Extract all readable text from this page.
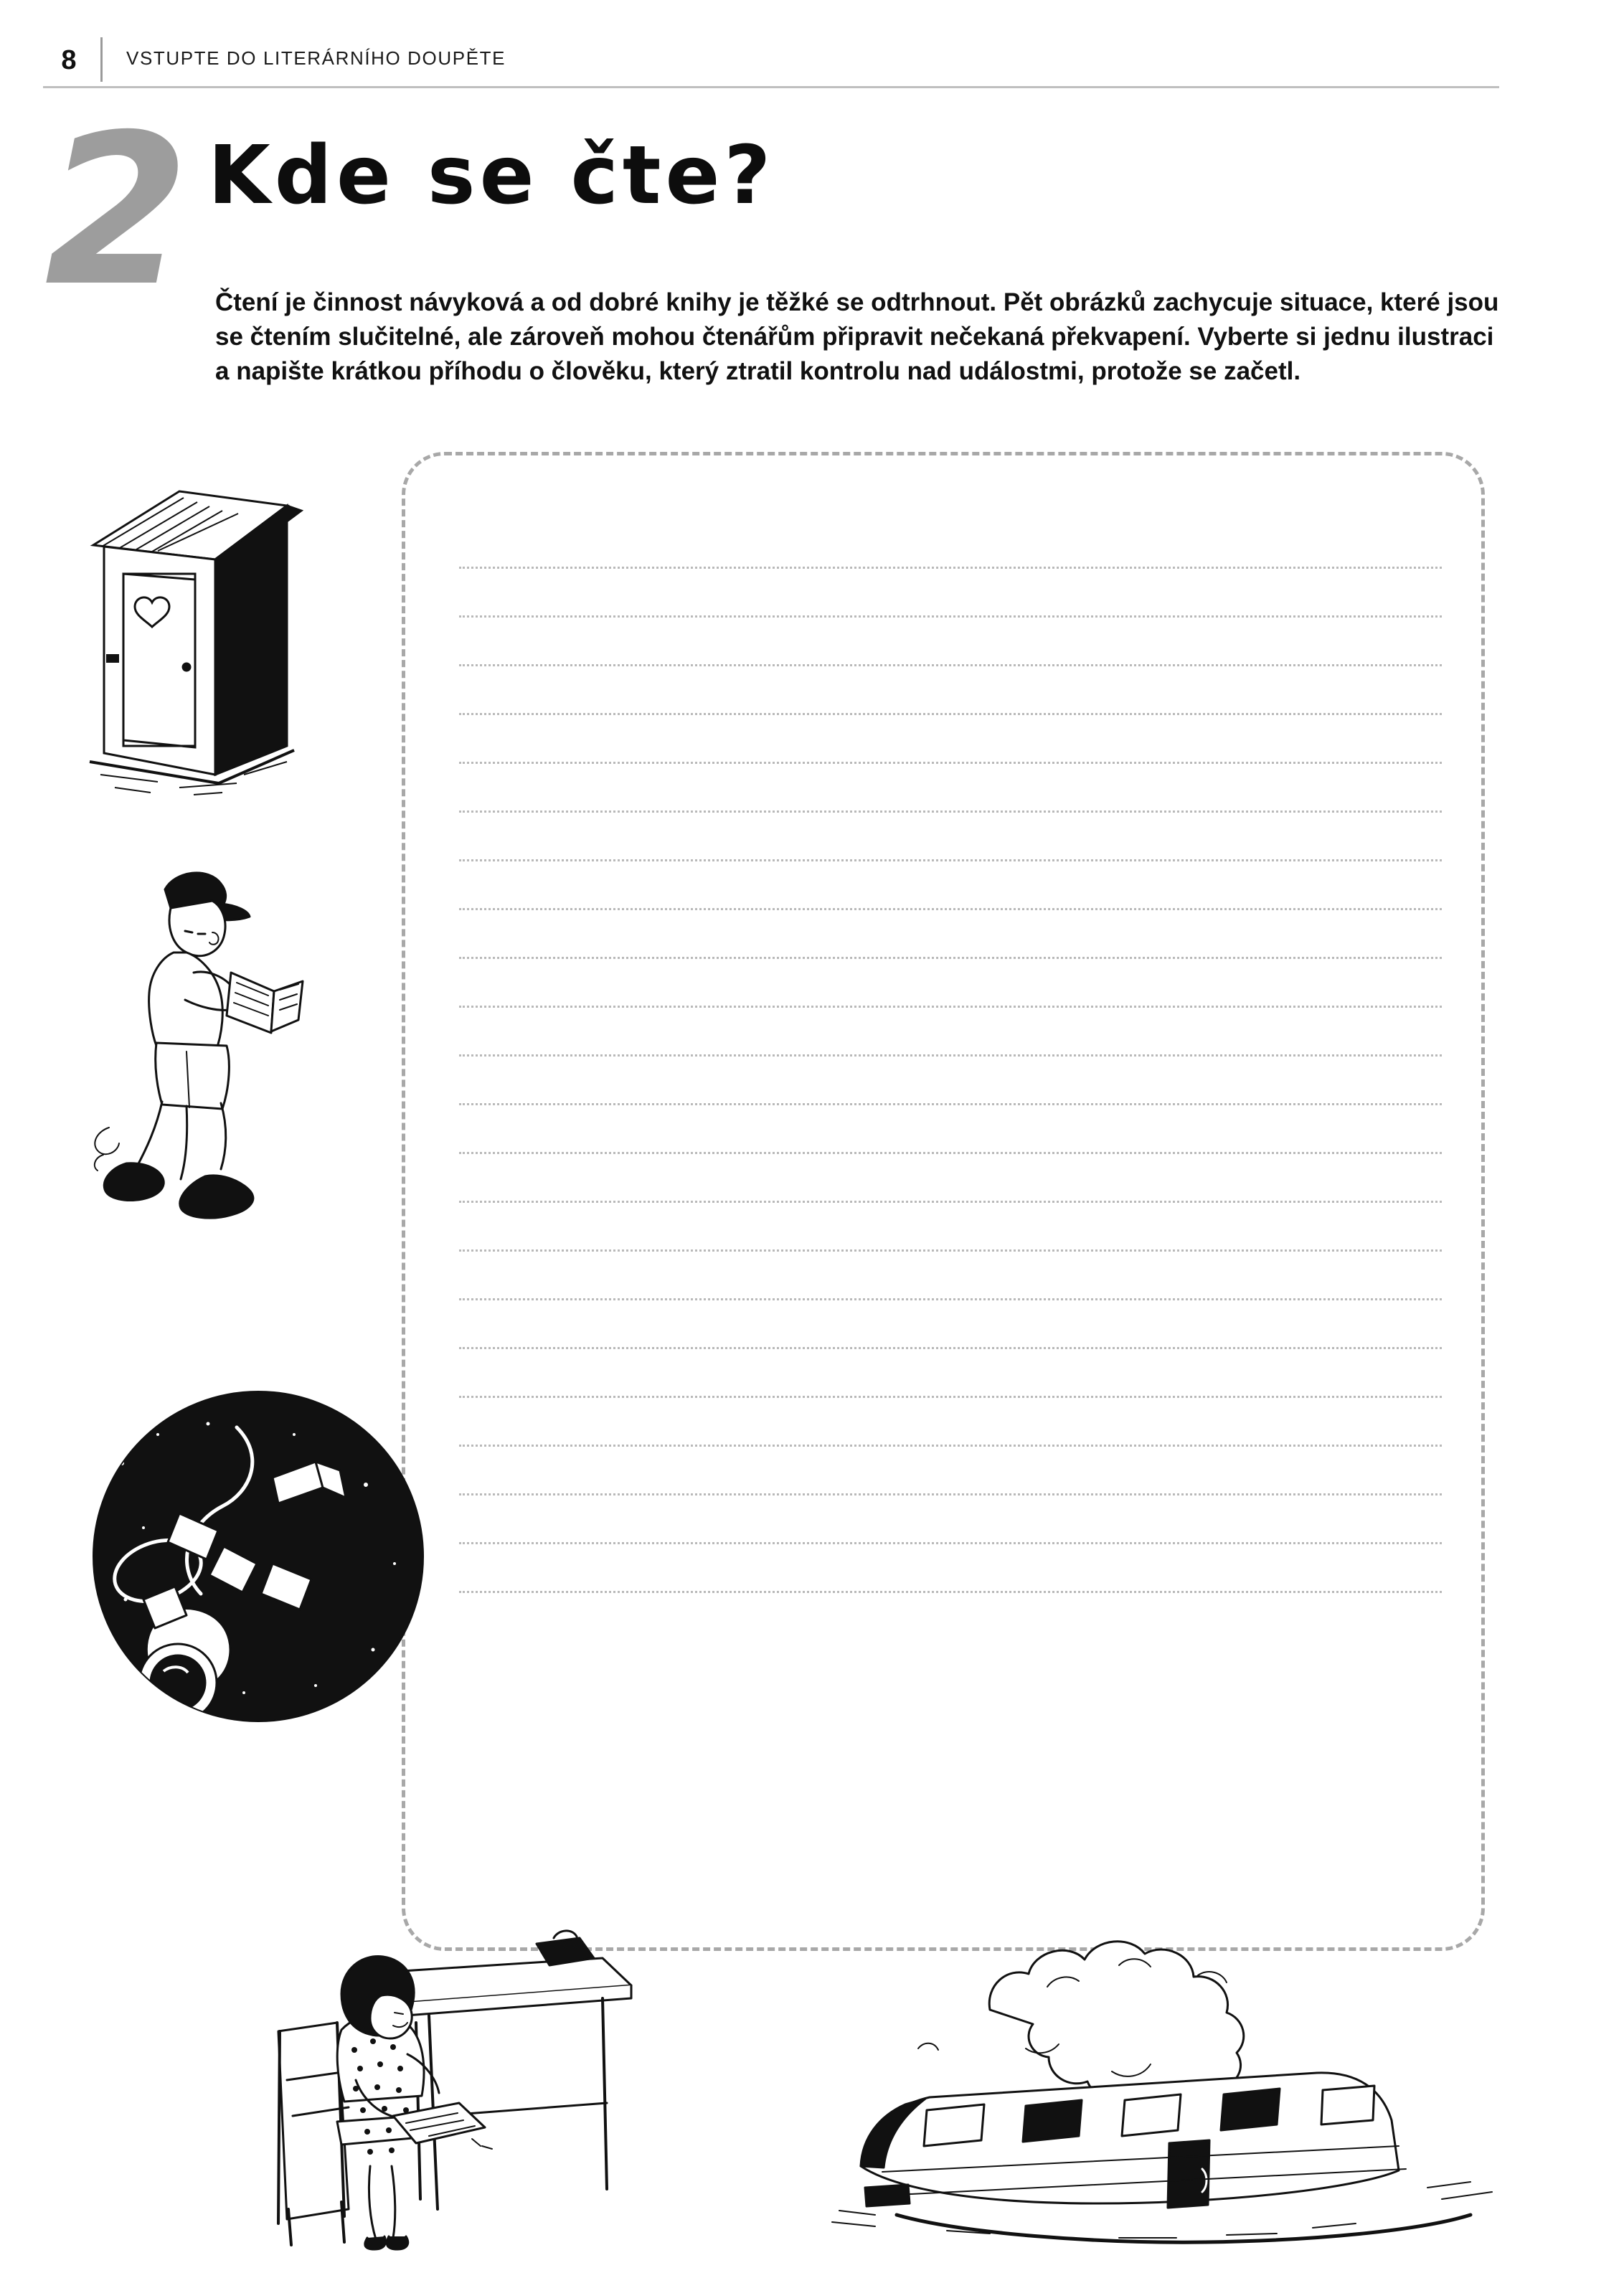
8	VSTUPTE DO LITERÁRNÍHO DOUPĚTE
2 Kde se čte?
Čtení je činnost návyková a od dobré knihy je těžké se odtrhnout. Pět obrázků zachycuje situace, které jsou se čtením slučitelné, ale zároveň mohou čtenářům připravit nečekaná překvapení. Vyberte si jednu ilustraci a napište krátkou příhodu o člověku, který ztratil kontrolu nad událostmi, protože se začetl.
